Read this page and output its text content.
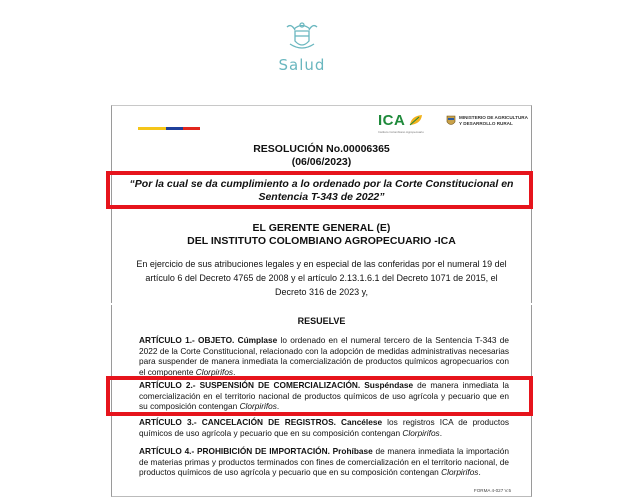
Salud
ICA
Instituto Colombiano Agropecuario
MINISTERIO DE AGRICULTURA
Y DESARROLLO RURAL
RESOLUCIÓN No.00006365
(06/06/2023)
“Por la cual se da cumplimiento a lo ordenado por la Corte Constitucional en
Sentencia T-343 de 2022”
EL GERENTE GENERAL (E)
DEL INSTITUTO COLOMBIANO AGROPECUARIO -ICA
En ejercicio de sus atribuciones legales y en especial de las conferidas por el numeral 19 del artículo 6 del Decreto 4765 de 2008 y el artículo 2.13.1.6.1 del Decreto 1071 de 2015, el Decreto 316 de 2023 y,
RESUELVE
ARTÍCULO 1.- OBJETO. Cúmplase lo ordenado en el numeral tercero de la Sentencia T-343 de 2022 de la Corte Constitucional, relacionado con la adopción de medidas administrativas necesarias para suspender de manera inmediata la comercialización de productos químicos agropecuarios con el componente Clorpirifos.
ARTÍCULO 2.- SUSPENSIÓN DE COMERCIALIZACIÓN. Suspéndase de manera inmediata la comercialización en el territorio nacional de productos químicos de uso agrícola y pecuario que en su composición contengan Clorpirifos.
ARTÍCULO 3.- CANCELACIÓN DE REGISTROS. Cancélese los registros ICA de productos químicos de uso agrícola y pecuario que en su composición contengan Clorpirifos.
ARTÍCULO 4.- PROHIBICIÓN DE IMPORTACIÓN. Prohíbase de manera inmediata la importación de materias primas y productos terminados con fines de comercialización en el territorio nacional, de productos químicos de uso agrícola y pecuario que en su composición contengan Clorpirifos.
FORMA 4-027 V.5
